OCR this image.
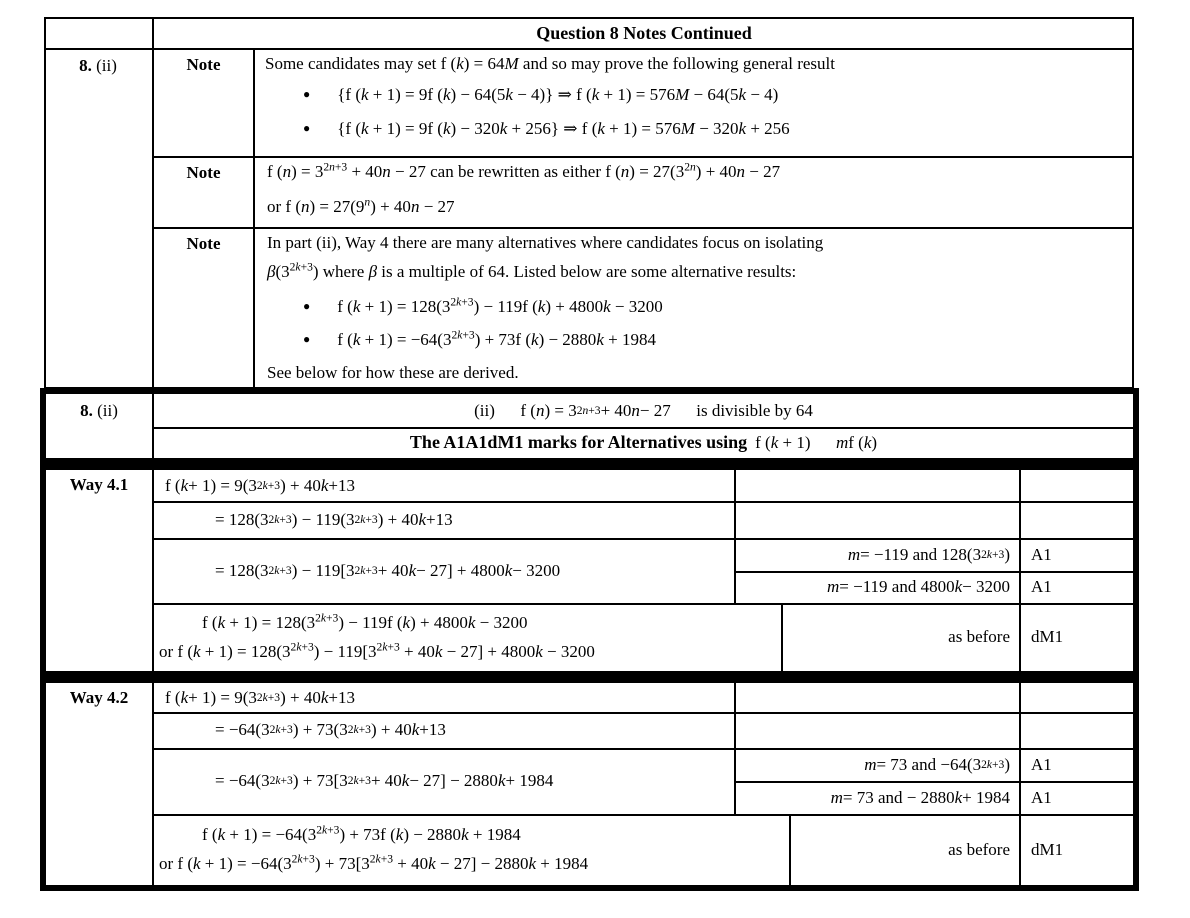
Question 8 Notes Continued
8. (ii)	Note	Some candidates may set f (k) = 64M and so may prove the following general result
● {f (k + 1) = 9f (k) − 64(5k − 4)} ⇒ f (k + 1) = 576M − 64(5k − 4)
● {f (k + 1) = 9f (k) − 320k + 256} ⇒ f (k + 1) = 576M − 320k + 256
Note	f $(n) = 3^{2n+3} + 40n - 27$ can be rewritten as either f $(n) = 27(3^{2n}) + 40n - 27$
or f $(n) = 27(9^n) + 40n - 27$
Note	In part (ii), Way 4 there are many alternatives where candidates focus on isolating
$\beta(3^{2k+3})$ where β is a multiple of 64. Listed below are some alternative results:
● f $(k + 1) = 128(3^{2k+3}) - 119f$ (k) + 4800k − 3200
● f $(k + 1) = -64(3^{2k+3}) + 73f$ (k) − 2880k + 1984
See below for how these are derived.
8. (ii)	(ii)   f ( n ) = 3 2n+3 + 40 n − 27   is divisible by 64
The A1A1dM1 marks for Alternatives using f (k + 1)   mf (k)
Way 4.1	f ( k + 1) = 9(3 2k+3 ) + 40 k +13
= 128(3 2k+3 ) − 119(3 2k+3 ) + 40 k +13
= 128(3 2k+3 ) − 119[3 2k+3 + 40 k − 27] + 4800 k − 3200
m = −119 and 128(3 2k+3 )	A1
m = −119 and 4800 k − 3200	A1
f $(k + 1) = 128(3^{2k+3}) - 119f$ (k) + 4800k − 3200
or f $(k + 1) = 128(3^{2k+3}) - 119[3^{2k+3} + 40k - 27] + 4800k - 3200$
as before	dM1
Way 4.2	f ( k + 1) = 9(3 2k+3 ) + 40 k +13
= −64(3 2k+3 ) + 73(3 2k+3 ) + 40 k +13
= −64(3 2k+3 ) + 73[3 2k+3 + 40 k − 27] − 2880 k + 1984
m = 73 and −64(3 2k+3 )	A1
m = 73 and − 2880 k + 1984	A1
f $(k + 1) = -64(3^{2k+3}) + 73f$ (k) − 2880k + 1984
or f $(k + 1) = -64(3^{2k+3}) + 73[3^{2k+3} + 40k - 27] - 2880k + 1984$
as before	dM1
